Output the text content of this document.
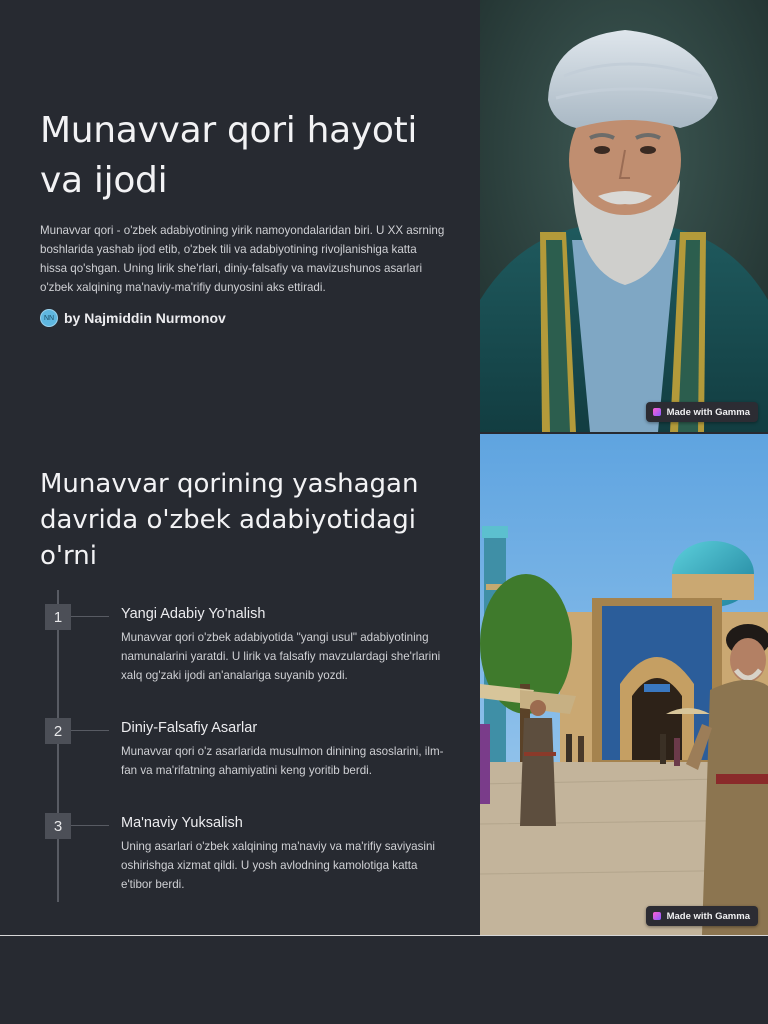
Munavvar qori hayoti va ijodi

Munavvar qori - o'zbek adabiyotining yirik namoyondalaridan biri. U XX asrning boshlarida yashab ijod etib, o'zbek tili va adabiyotining rivojlanishiga katta hissa qo'shgan. Uning lirik she'rlari, diniy-falsafiy va mavizushunos asarlari o'zbek xalqining ma'naviy-ma'rifiy dunyosini aks ettiradi.

NN by Najmiddin Nurmonov
Made with Gamma
Munavvar qorining yashagan davrida o'zbek adabiyotidagi o'rni
1	Yangi Adabiy Yo'nalish

Munavvar qori o'zbek adabiyotida "yangi usul" adabiyotining namunalarini yaratdi. U lirik va falsafiy mavzulardagi she'rlarini xalq og'zaki ijodi an'analariga suyanib yozdi.

2	Diniy-Falsafiy Asarlar

Munavvar qori o'z asarlarida musulmon dinining asoslarini, ilm-fan va ma'rifatning ahamiyatini keng yoritib berdi.

3	Ma'naviy Yuksalish

Uning asarlari o'zbek xalqining ma'naviy va ma'rifiy saviyasini oshirishga xizmat qildi. U yosh avlodning kamolotiga katta e'tibor berdi.

Made with Gamma
